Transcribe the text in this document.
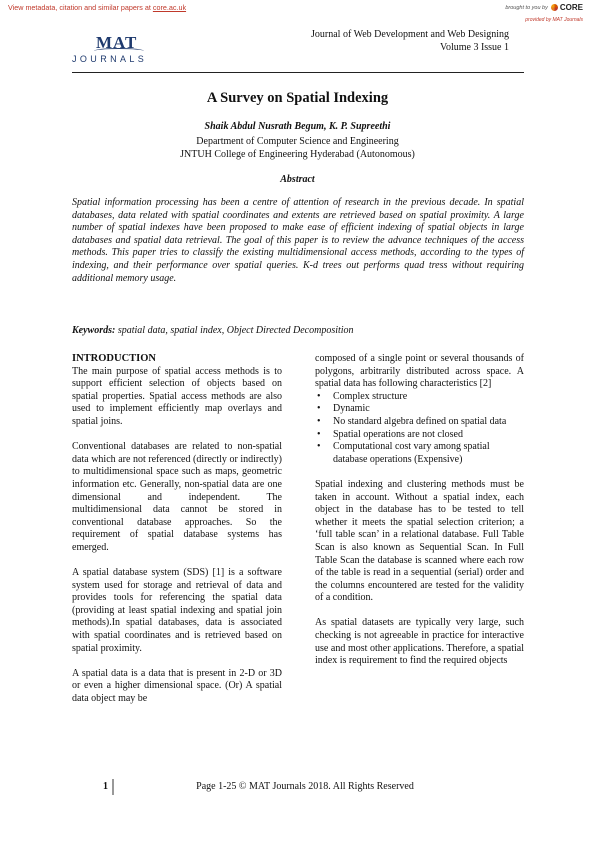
View metadata, citation and similar papers at core.ac.uk	brought to you by CORE
provided by MAT Journals
MAT
JOURNALS
Journal of Web Development and Web Designing
Volume 3 Issue 1
A Survey on Spatial Indexing
Shaik Abdul Nusrath Begum, K. P. Supreethi
Department of Computer Science and Engineering
JNTUH College of Engineering Hyderabad (Autonomous)
Abstract
Spatial information processing has been a centre of attention of research in the previous decade. In spatial databases, data related with spatial coordinates and extents are retrieved based on spatial proximity. A large number of spatial indexes have been proposed to make ease of efficient indexing of spatial objects in large databases and spatial data retrieval. The goal of this paper is to review the advance techniques of the access methods. This paper tries to classify the existing multidimensional access methods, according to the types of indexing, and their performance over spatial queries. K-d trees out performs quad tress without requiring additional memory usage.
Keywords: spatial data, spatial index, Object Directed Decomposition
INTRODUCTION

The main purpose of spatial access methods is to support efficient selection of objects based on spatial properties. Spatial access methods are also used to implement efficiently map overlays and spatial joins.

Conventional databases are related to non-spatial data which are not referenced (directly or indirectly) to multidimensional space such as maps, geometric information etc. Generally, non-spatial data are one dimensional and independent. The multidimensional data cannot be stored in conventional database approaches. So the requirement of spatial database systems has emerged.

A spatial database system (SDS) [1] is a software system used for storage and retrieval of data and provides tools for referencing the spatial data (providing at least spatial indexing and spatial join methods).In spatial databases, data is associated with spatial coordinates and is retrieved based on spatial proximity.

A spatial data is a data that is present in 2-D or 3D or even a higher dimensional space. (Or) A spatial data object may be

composed of a single point or several thousands of polygons, arbitrarily distributed across space. A spatial data has following characteristics [2]

• Complex structure
• Dynamic
• No standard algebra defined on spatial data
• Spatial operations are not closed
• Computational cost vary among spatial database operations (Expensive)

Spatial indexing and clustering methods must be taken in account. Without a spatial index, each object in the database has to be tested to tell whether it meets the spatial selection criterion; a ‘full table scan’ in a relational database. Full Table Scan is also known as Sequential Scan. In Full Table Scan the database is scanned where each row of the table is read in a sequential (serial) order and the columns encountered are tested for the validity of a condition.

As spatial datasets are typically very large, such checking is not agreeable in practice for interactive use and most other applications. Therefore, a spatial index is requirement to find the required objects

1	Page 1-25 © MAT Journals 2018. All Rights Reserved
